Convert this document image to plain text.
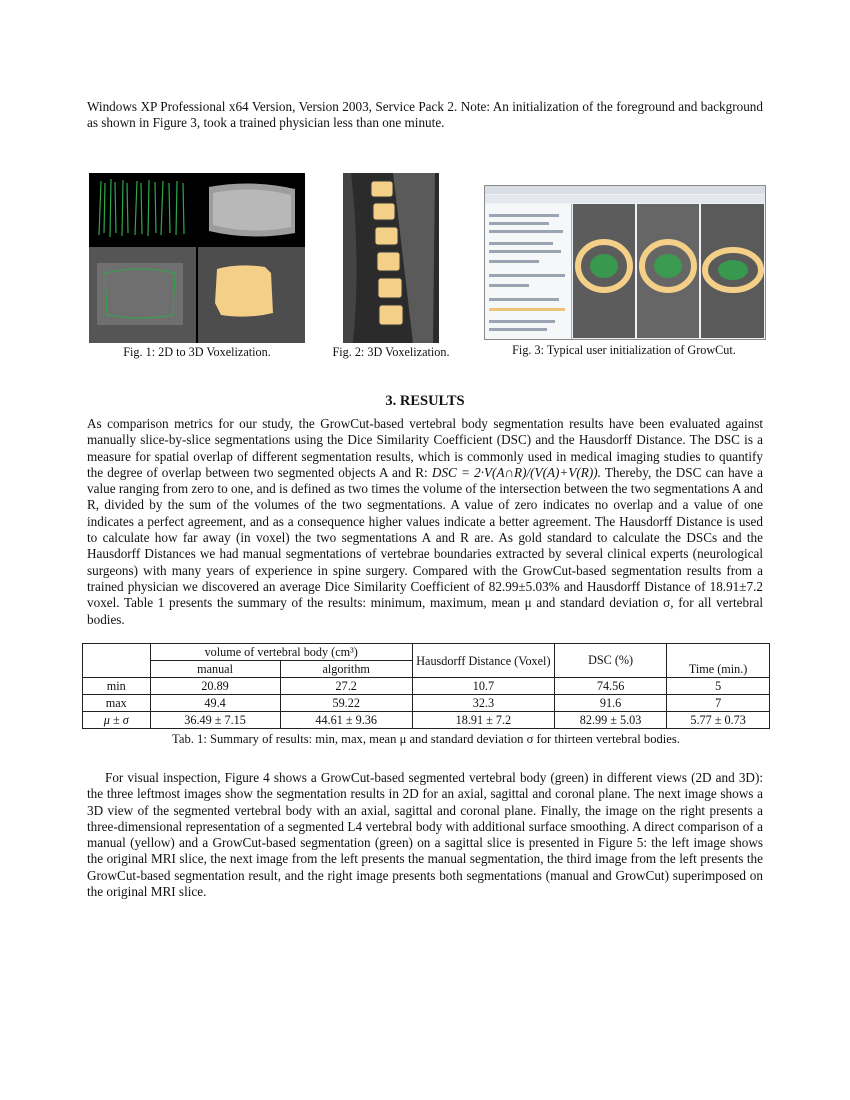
Windows XP Professional x64 Version, Version 2003, Service Pack 2. Note: An initialization of the foreground and background as shown in Figure 3, took a trained physician less than one minute.

Fig. 1: 2D to 3D Voxelization.	Fig. 2: 3D Voxelization.	Fig. 3: Typical user initialization of GrowCut.
3. RESULTS

As comparison metrics for our study, the GrowCut-based vertebral body segmentation results have been evaluated against manually slice-by-slice segmentations using the Dice Similarity Coefficient (DSC) and the Hausdorff Distance. The DSC is a measure for spatial overlap of different segmentation results, which is commonly used in medical imaging studies to quantify the degree of overlap between two segmented objects A and R: DSC = 2·V(A∩R)/(V(A)+V(R)). Thereby, the DSC can have a value ranging from zero to one, and is defined as two times the volume of the intersection between the two segmentations A and R, divided by the sum of the volumes of the two segmentations. A value of zero indicates no overlap and a value of one indicates a perfect agreement, and as a consequence higher values indicate a better agreement. The Hausdorff Distance is used to calculate how far away (in voxel) the two segmentations A and R are. As gold standard to calculate the DSCs and the Hausdorff Distances we had manual segmentations of vertebrae boundaries extracted by several clinical experts (neurological surgeons) with many years of experience in spine surgery. Compared with the GrowCut-based segmentation results from a trained physician we discovered an average Dice Similarity Coefficient of 82.99±5.03% and Hausdorff Distance of 18.91±7.2 voxel. Table 1 presents the summary of the results: minimum, maximum, mean μ and standard deviation σ, for all vertebral bodies.

	volume of vertebral body (cm³)		Hausdorff Distance (Voxel)	DSC (%)	Time (min.)
	manual	algorithm			
min	20.89	27.2	10.7	74.56	5
max	49.4	59.22	32.3	91.6	7
μ ± σ	36.49 ± 7.15	44.61 ± 9.36	18.91 ± 7.2	82.99 ± 5.03	5.77 ± 0.73
Tab. 1: Summary of results: min, max, mean μ and standard deviation σ for thirteen vertebral bodies.

For visual inspection, Figure 4 shows a GrowCut-based segmented vertebral body (green) in different views (2D and 3D): the three leftmost images show the segmentation results in 2D for an axial, sagittal and coronal plane. The next image shows a 3D view of the segmented vertebral body with an axial, sagittal and coronal plane. Finally, the image on the right presents a three-dimensional representation of a segmented L4 vertebral body with additional surface smoothing. A direct comparison of a manual (yellow) and a GrowCut-based segmentation (green) on a sagittal slice is presented in Figure 5: the left image shows the original MRI slice, the next image from the left presents the manual segmentation, the third image from the left presents the GrowCut-based segmentation result, and the right image presents both segmentations (manual and GrowCut) superimposed on the original MRI slice.
